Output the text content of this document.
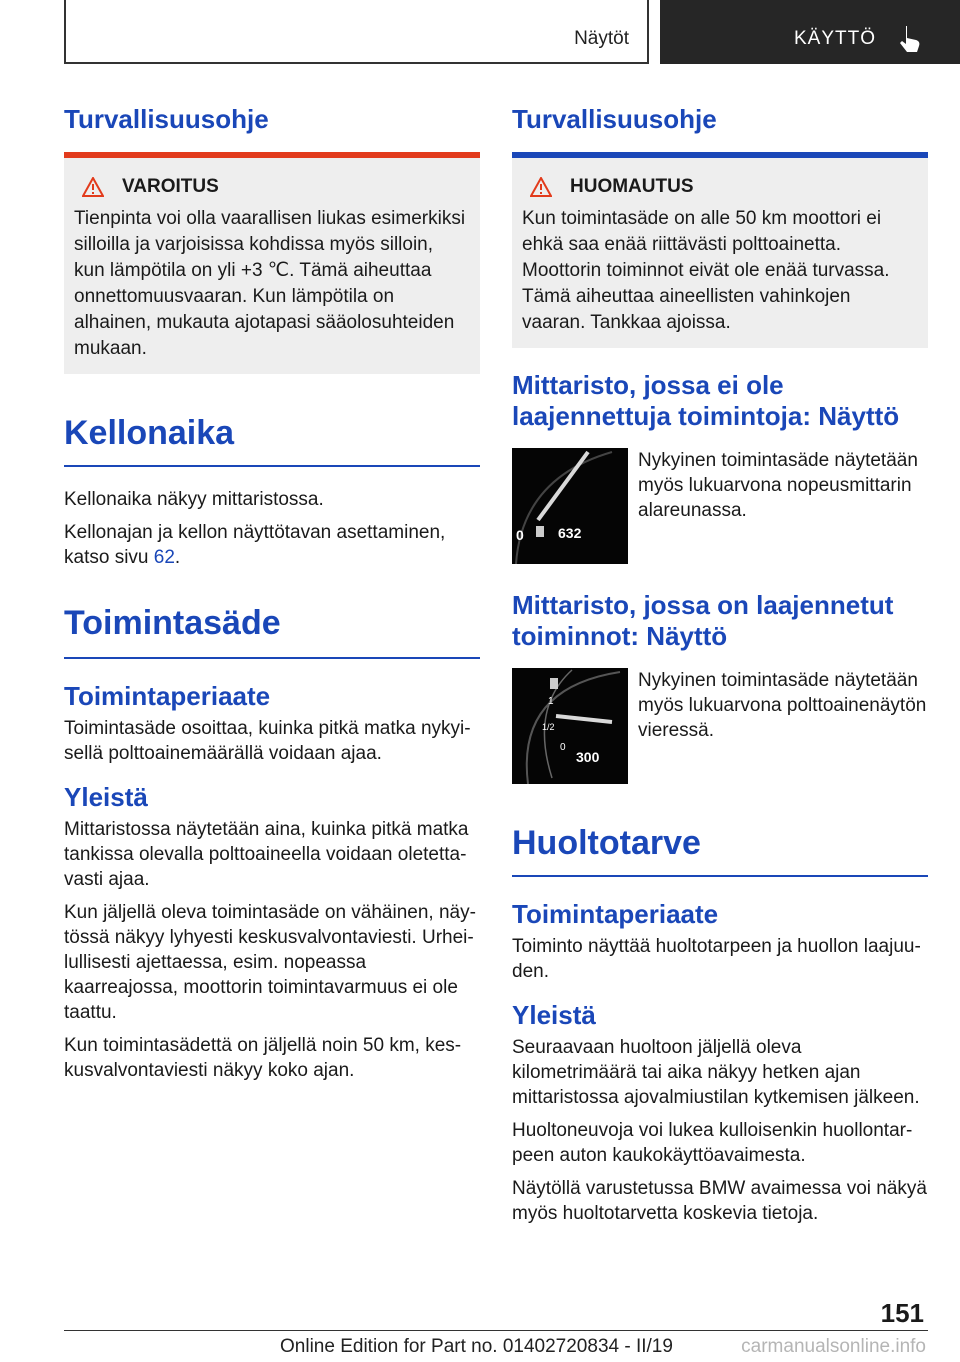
Näytöt	KÄYTTÖ
Turvallisuusohje
VAROITUS

Tienpinta voi olla vaarallisen liukas esimerkiksi silloilla ja varjoisissa kohdissa myös silloin, kun lämpötila on yli +3 ℃. Tämä aiheuttaa onnettomuusvaaran. Kun lämpötila on alhainen, mukauta ajotapasi sääolosuhteiden mukaan.

Kellonaika

Kellonaika näkyy mittaristossa.

Kellonajan ja kellon näyttötavan asettaminen, katso sivu 62.

Toimintasäde
Toimintaperiaate

Toimintasäde osoittaa, kuinka pitkä matka nykyisellä polttoainemäärällä voidaan ajaa.

Yleistä

Mittaristossa näytetään aina, kuinka pitkä matka tankissa olevalla polttoaineella voidaan oletettavasti ajaa.

Kun jäljellä oleva toimintasäde on vähäinen, näytössä näkyy lyhyesti keskusvalvontaviesti. Urheilullisesti ajettaessa, esim. nopeassa kaarreajossa, moottorin toimintavarmuus ei ole taattu.

Kun toimintasädettä on jäljellä noin 50 km, keskusvalvontaviesti näkyy koko ajan.

Turvallisuusohje
HUOMAUTUS

Kun toimintasäde on alle 50 km moottori ei ehkä saa enää riittävästi polttoainetta. Moottorin toiminnot eivät ole enää turvassa. Tämä aiheuttaa aineellisten vahinkojen vaaran. Tankkaa ajoissa.

Mittaristo, jossa ei ole laajennettuja toimintoja: Näyttö
632
0

Nykyinen toimintasäde näytetään myös lukuarvona nopeusmittarin alareunassa.

Mittaristo, jossa on laajennetut toiminnot: Näyttö
1
1/2
0
300

Nykyinen toimintasäde näytetään myös lukuarvona polttoainenäytön vieressä.

Huoltotarve
Toimintaperiaate

Toiminto näyttää huoltotarpeen ja huollon laajuuden.

Yleistä

Seuraavaan huoltoon jäljellä oleva kilometrimäärä tai aika näkyy hetken ajan mittaristossa ajovalmiustilan kytkemisen jälkeen.

Huoltoneuvoja voi lukea kulloisenkin huollontarpeen auton kaukokäyttöavaimesta.

Näytöllä varustetussa BMW avaimessa voi näkyä myös huoltotarvetta koskevia tietoja.

151
Online Edition for Part no. 01402720834 - II/19	carmanualsonline.info
